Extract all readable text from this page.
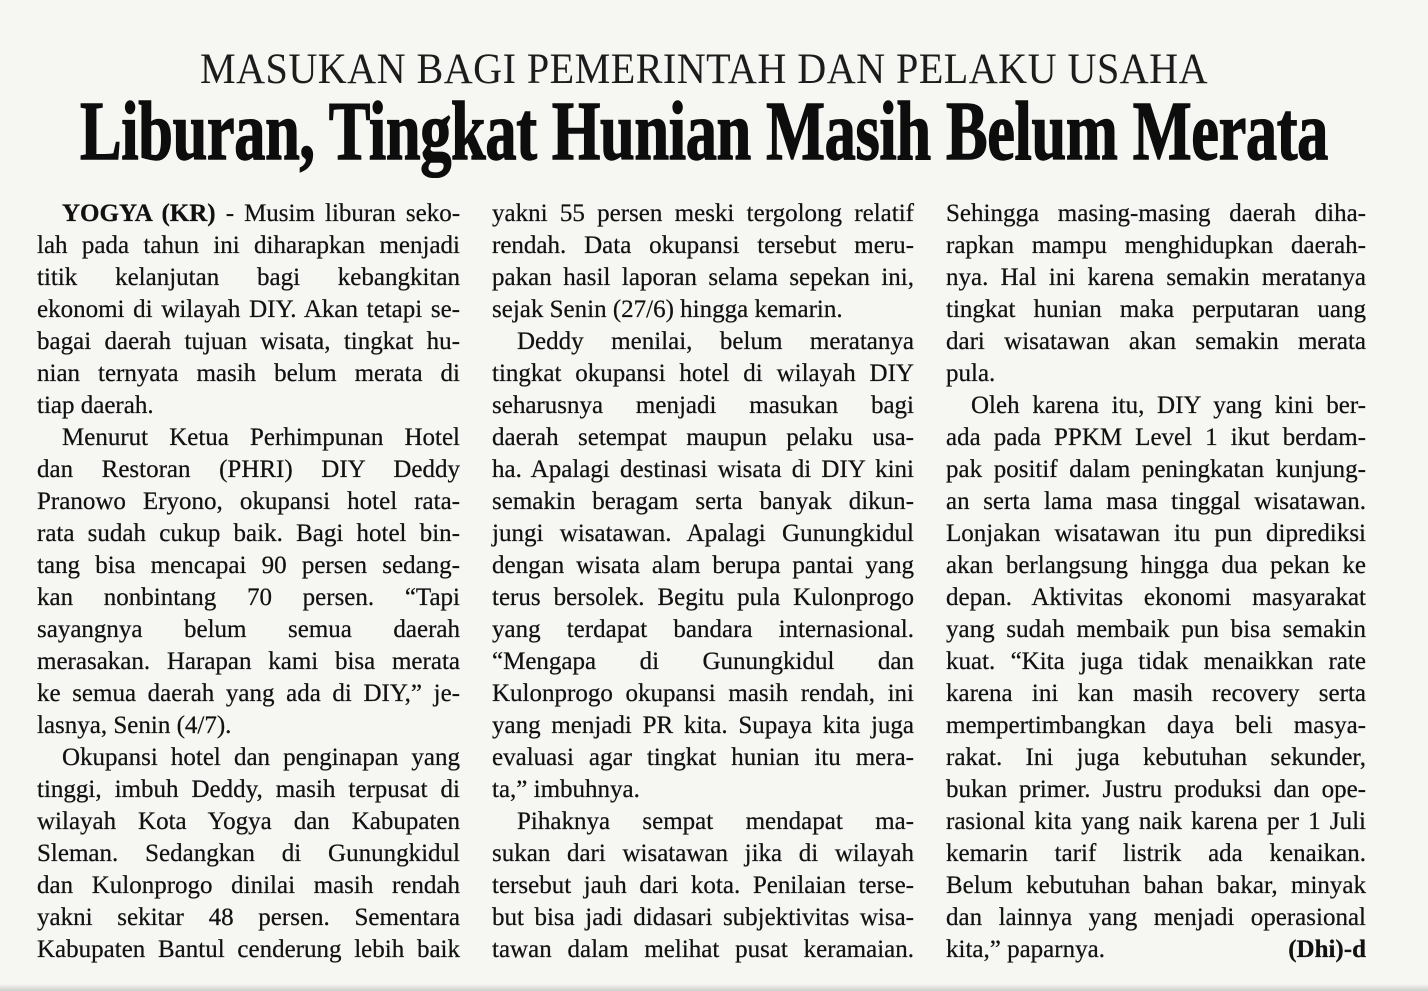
MASUKAN BAGI PEMERINTAH DAN PELAKU USAHA
Liburan, Tingkat Hunian Masih Belum Merata
YOGYA (KR) - Musim liburan seko-
lah pada tahun ini diharapkan menjadi
titik kelanjutan bagi kebangkitan
ekonomi di wilayah DIY. Akan tetapi se-
bagai daerah tujuan wisata, tingkat hu-
nian ternyata masih belum merata di
tiap daerah.
Menurut Ketua Perhimpunan Hotel
dan Restoran (PHRI) DIY Deddy
Pranowo Eryono, okupansi hotel rata-
rata sudah cukup baik. Bagi hotel bin-
tang bisa mencapai 90 persen sedang-
kan nonbintang 70 persen. “Tapi
sayangnya belum semua daerah
merasakan. Harapan kami bisa merata
ke semua daerah yang ada di DIY,” je-
lasnya, Senin (4/7).
Okupansi hotel dan penginapan yang
tinggi, imbuh Deddy, masih terpusat di
wilayah Kota Yogya dan Kabupaten
Sleman. Sedangkan di Gunungkidul
dan Kulonprogo dinilai masih rendah
yakni sekitar 48 persen. Sementara
Kabupaten Bantul cenderung lebih baik
yakni 55 persen meski tergolong relatif
rendah. Data okupansi tersebut meru-
pakan hasil laporan selama sepekan ini,
sejak Senin (27/6) hingga kemarin.
Deddy menilai, belum meratanya
tingkat okupansi hotel di wilayah DIY
seharusnya menjadi masukan bagi
daerah setempat maupun pelaku usa-
ha. Apalagi destinasi wisata di DIY kini
semakin beragam serta banyak dikun-
jungi wisatawan. Apalagi Gunungkidul
dengan wisata alam berupa pantai yang
terus bersolek. Begitu pula Kulonprogo
yang terdapat bandara internasional.
“Mengapa di Gunungkidul dan
Kulonprogo okupansi masih rendah, ini
yang menjadi PR kita. Supaya kita juga
evaluasi agar tingkat hunian itu mera-
ta,” imbuhnya.
Pihaknya sempat mendapat ma-
sukan dari wisatawan jika di wilayah
tersebut jauh dari kota. Penilaian terse-
but bisa jadi didasari subjektivitas wisa-
tawan dalam melihat pusat keramaian.
Sehingga masing-masing daerah diha-
rapkan mampu menghidupkan daerah-
nya. Hal ini karena semakin meratanya
tingkat hunian maka perputaran uang
dari wisatawan akan semakin merata
pula.
Oleh karena itu, DIY yang kini ber-
ada pada PPKM Level 1 ikut berdam-
pak positif dalam peningkatan kunjung-
an serta lama masa tinggal wisatawan.
Lonjakan wisatawan itu pun diprediksi
akan berlangsung hingga dua pekan ke
depan. Aktivitas ekonomi masyarakat
yang sudah membaik pun bisa semakin
kuat. “Kita juga tidak menaikkan rate
karena ini kan masih recovery serta
mempertimbangkan daya beli masya-
rakat. Ini juga kebutuhan sekunder,
bukan primer. Justru produksi dan ope-
rasional kita yang naik karena per 1 Juli
kemarin tarif listrik ada kenaikan.
Belum kebutuhan bahan bakar, minyak
dan lainnya yang menjadi operasional
kita,” paparnya.	(Dhi)-d
